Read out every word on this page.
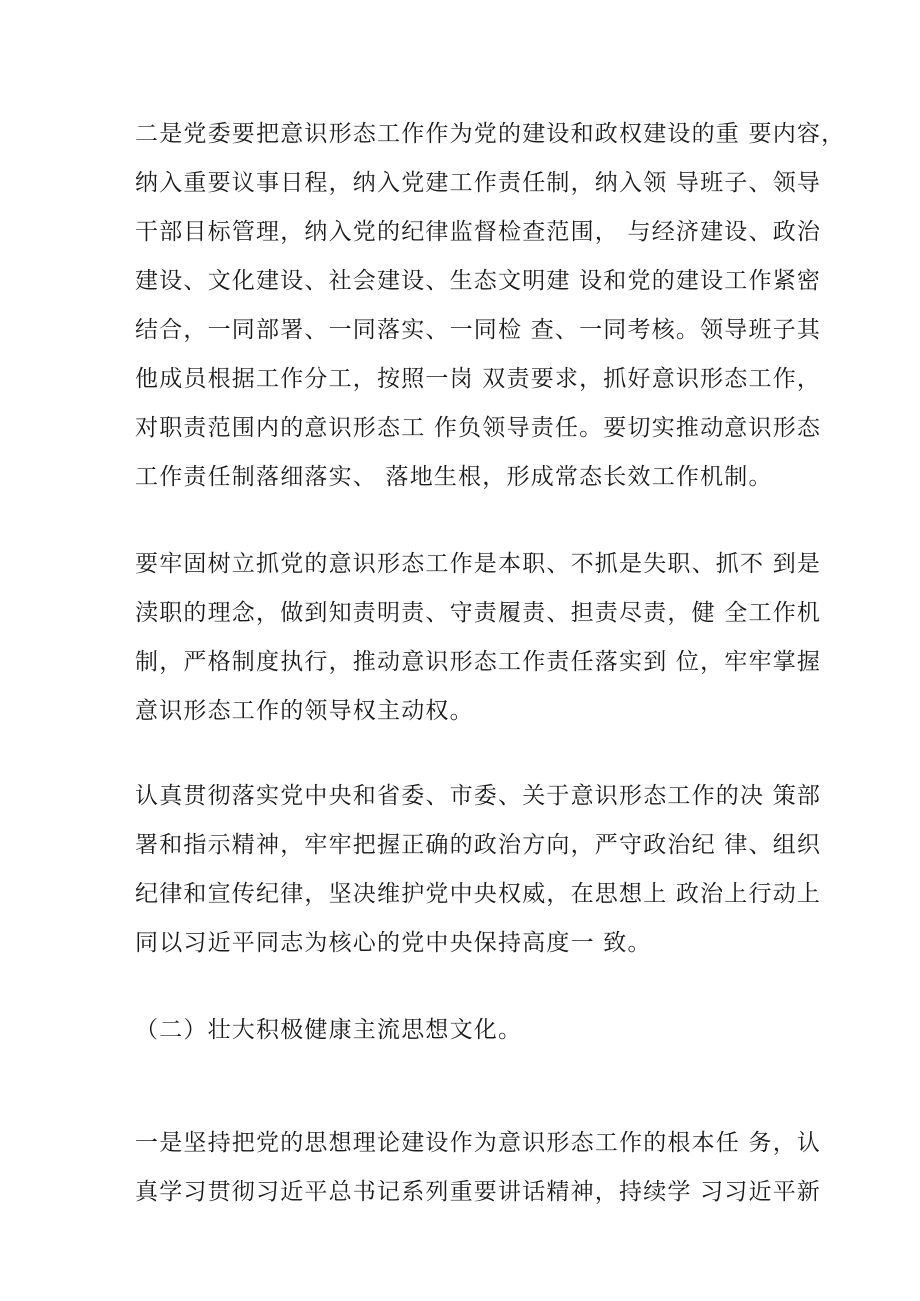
二是党委要把意识形态工作作为党的建设和政权建设的重 要内容，
纳入重要议事日程，纳入党建工作责任制，纳入领 导班子、领导
干部目标管理，纳入党的纪律监督检查范围， 与经济建设、政治
建设、文化建设、社会建设、生态文明建 设和党的建设工作紧密
结合，一同部署、一同落实、一同检 查、一同考核。领导班子其
他成员根据工作分工，按照一岗 双责要求，抓好意识形态工作，
对职责范围内的意识形态工 作负领导责任。要切实推动意识形态
工作责任制落细落实、 落地生根，形成常态长效工作机制。

要牢固树立抓党的意识形态工作是本职、不抓是失职、抓不 到是
渎职的理念，做到知责明责、守责履责、担责尽责，健 全工作机
制，严格制度执行，推动意识形态工作责任落实到 位，牢牢掌握
意识形态工作的领导权主动权。

认真贯彻落实党中央和省委、市委、关于意识形态工作的决 策部
署和指示精神，牢牢把握正确的政治方向，严守政治纪 律、组织
纪律和宣传纪律，坚决维护党中央权威，在思想上 政治上行动上
同以习近平同志为核心的党中央保持高度一 致。

（二）壮大积极健康主流思想文化。

一是坚持把党的思想理论建设作为意识形态工作的根本任 务，认
真学习贯彻习近平总书记系列重要讲话精神，持续学 习习近平新
